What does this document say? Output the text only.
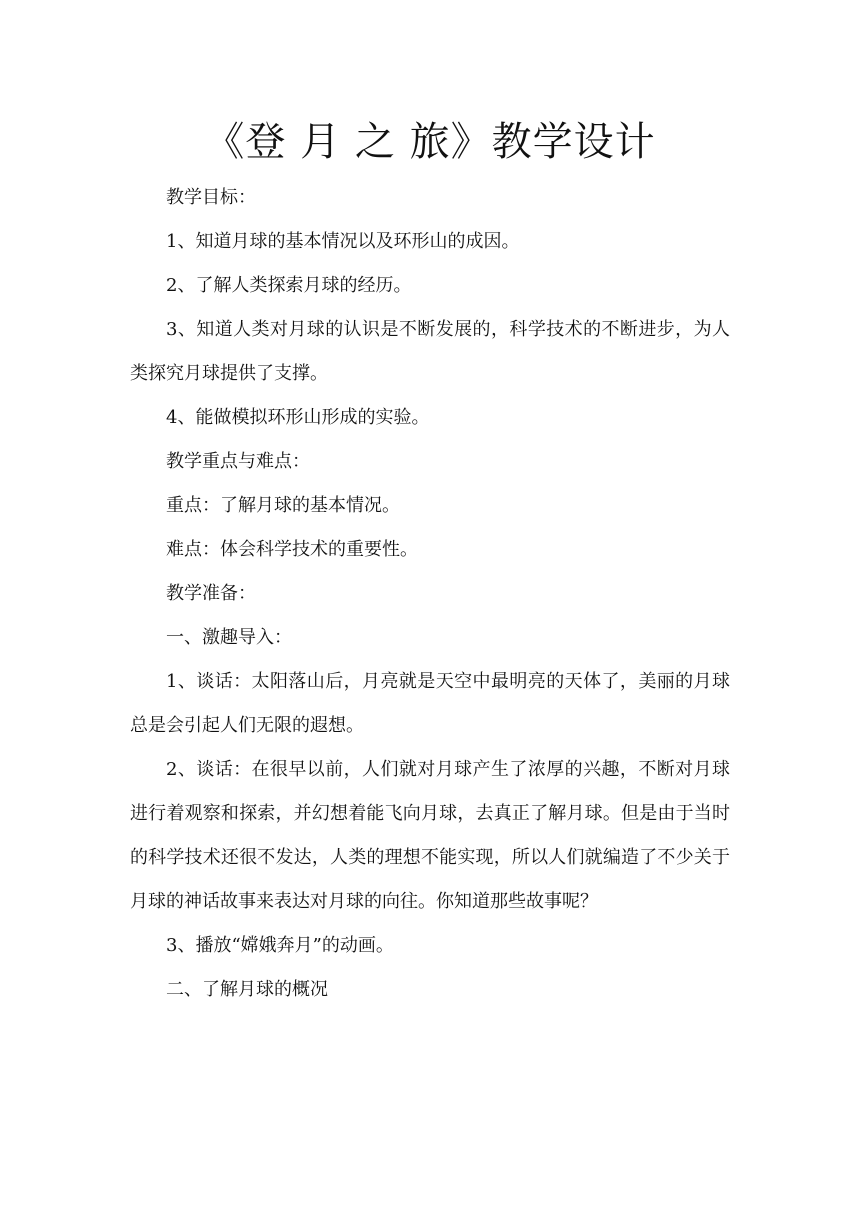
《登 月 之 旅》教学设计

教学目标：

1、知道月球的基本情况以及环形山的成因。

2、了解人类探索月球的经历。

3、知道人类对月球的认识是不断发展的，科学技术的不断进步，为人类探究月球提供了支撑。

4、能做模拟环形山形成的实验。

教学重点与难点：

重点：了解月球的基本情况。

难点：体会科学技术的重要性。

教学准备：

一、激趣导入：

1、谈话：太阳落山后，月亮就是天空中最明亮的天体了，美丽的月球总是会引起人们无限的遐想。

2、谈话：在很早以前，人们就对月球产生了浓厚的兴趣，不断对月球进行着观察和探索，并幻想着能飞向月球，去真正了解月球。但是由于当时的科学技术还很不发达，人类的理想不能实现，所以人们就编造了不少关于月球的神话故事来表达对月球的向往。你知道那些故事呢？

3、播放“嫦娥奔月”的动画。

二、了解月球的概况
